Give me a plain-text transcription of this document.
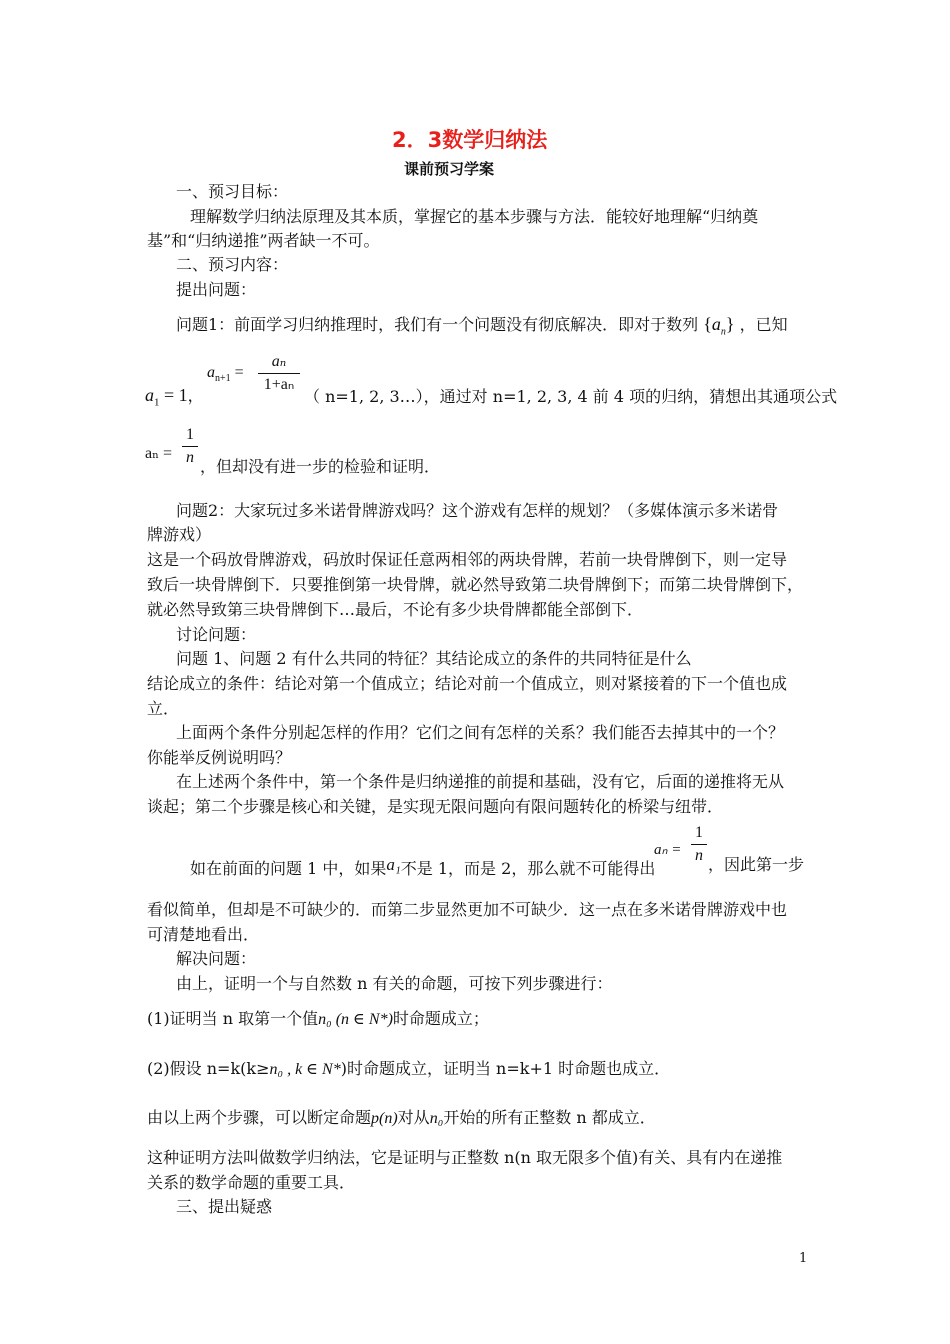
2．3数学归纳法
课前预习学案
一、预习目标：
理解数学归纳法原理及其本质，掌握它的基本步骤与方法．能较好地理解“归纳奠
基”和“归纳递推”两者缺一不可。
二、预习内容：
提出问题：
问题1：前面学习归纳推理时，我们有一个问题没有彻底解决．即对于数列 $\{a_n\}$ ，已知
$a_1 = 1$，
$a_{n+1}$ =
aₙ
1+aₙ
（ n=1, 2, 3…），通过对 n=1, 2, 3, 4 前 4 项的归纳，猜想出其通项公式
aₙ =
1
n ，但却没有进一步的检验和证明．
问题2：大家玩过多米诺骨牌游戏吗？这个游戏有怎样的规划？（多媒体演示多米诺骨
牌游戏）
这是一个码放骨牌游戏，码放时保证任意两相邻的两块骨牌，若前一块骨牌倒下，则一定导
致后一块骨牌倒下．只要推倒第一块骨牌，就必然导致第二块骨牌倒下；而第二块骨牌倒下，
就必然导致第三块骨牌倒下…最后，不论有多少块骨牌都能全部倒下．
讨论问题：
问题 1、问题 2 有什么共同的特征？其结论成立的条件的共同特征是什么
结论成立的条件：结论对第一个值成立；结论对前一个值成立，则对紧接着的下一个值也成
立．
上面两个条件分别起怎样的作用？它们之间有怎样的关系？我们能否去掉其中的一个？
你能举反例说明吗？
在上述两个条件中，第一个条件是归纳递推的前提和基础，没有它，后面的递推将无从
谈起；第二个步骤是核心和关键，是实现无限问题向有限问题转化的桥梁与纽带．
如在前面的问题 1 中，如果a₁不是 1，而是 2，那么就不可能得出
aₙ =
1
n ，因此第一步
看似简单，但却是不可缺少的．而第二步显然更加不可缺少．这一点在多米诺骨牌游戏中也
可清楚地看出．
解决问题：
由上，证明一个与自然数 n 有关的命题，可按下列步骤进行：
(1)证明当 n 取第一个值n₀ (n ∈ N*)时命题成立；
(2)假设 n=k(k≥n₀ , k ∈ N*)时命题成立，证明当 n=k+1 时命题也成立．
由以上两个步骤，可以断定命题p(n)对从n₀开始的所有正整数 n 都成立．
这种证明方法叫做数学归纳法，它是证明与正整数 n(n 取无限多个值)有关、具有内在递推
关系的数学命题的重要工具．
三、提出疑惑
1
